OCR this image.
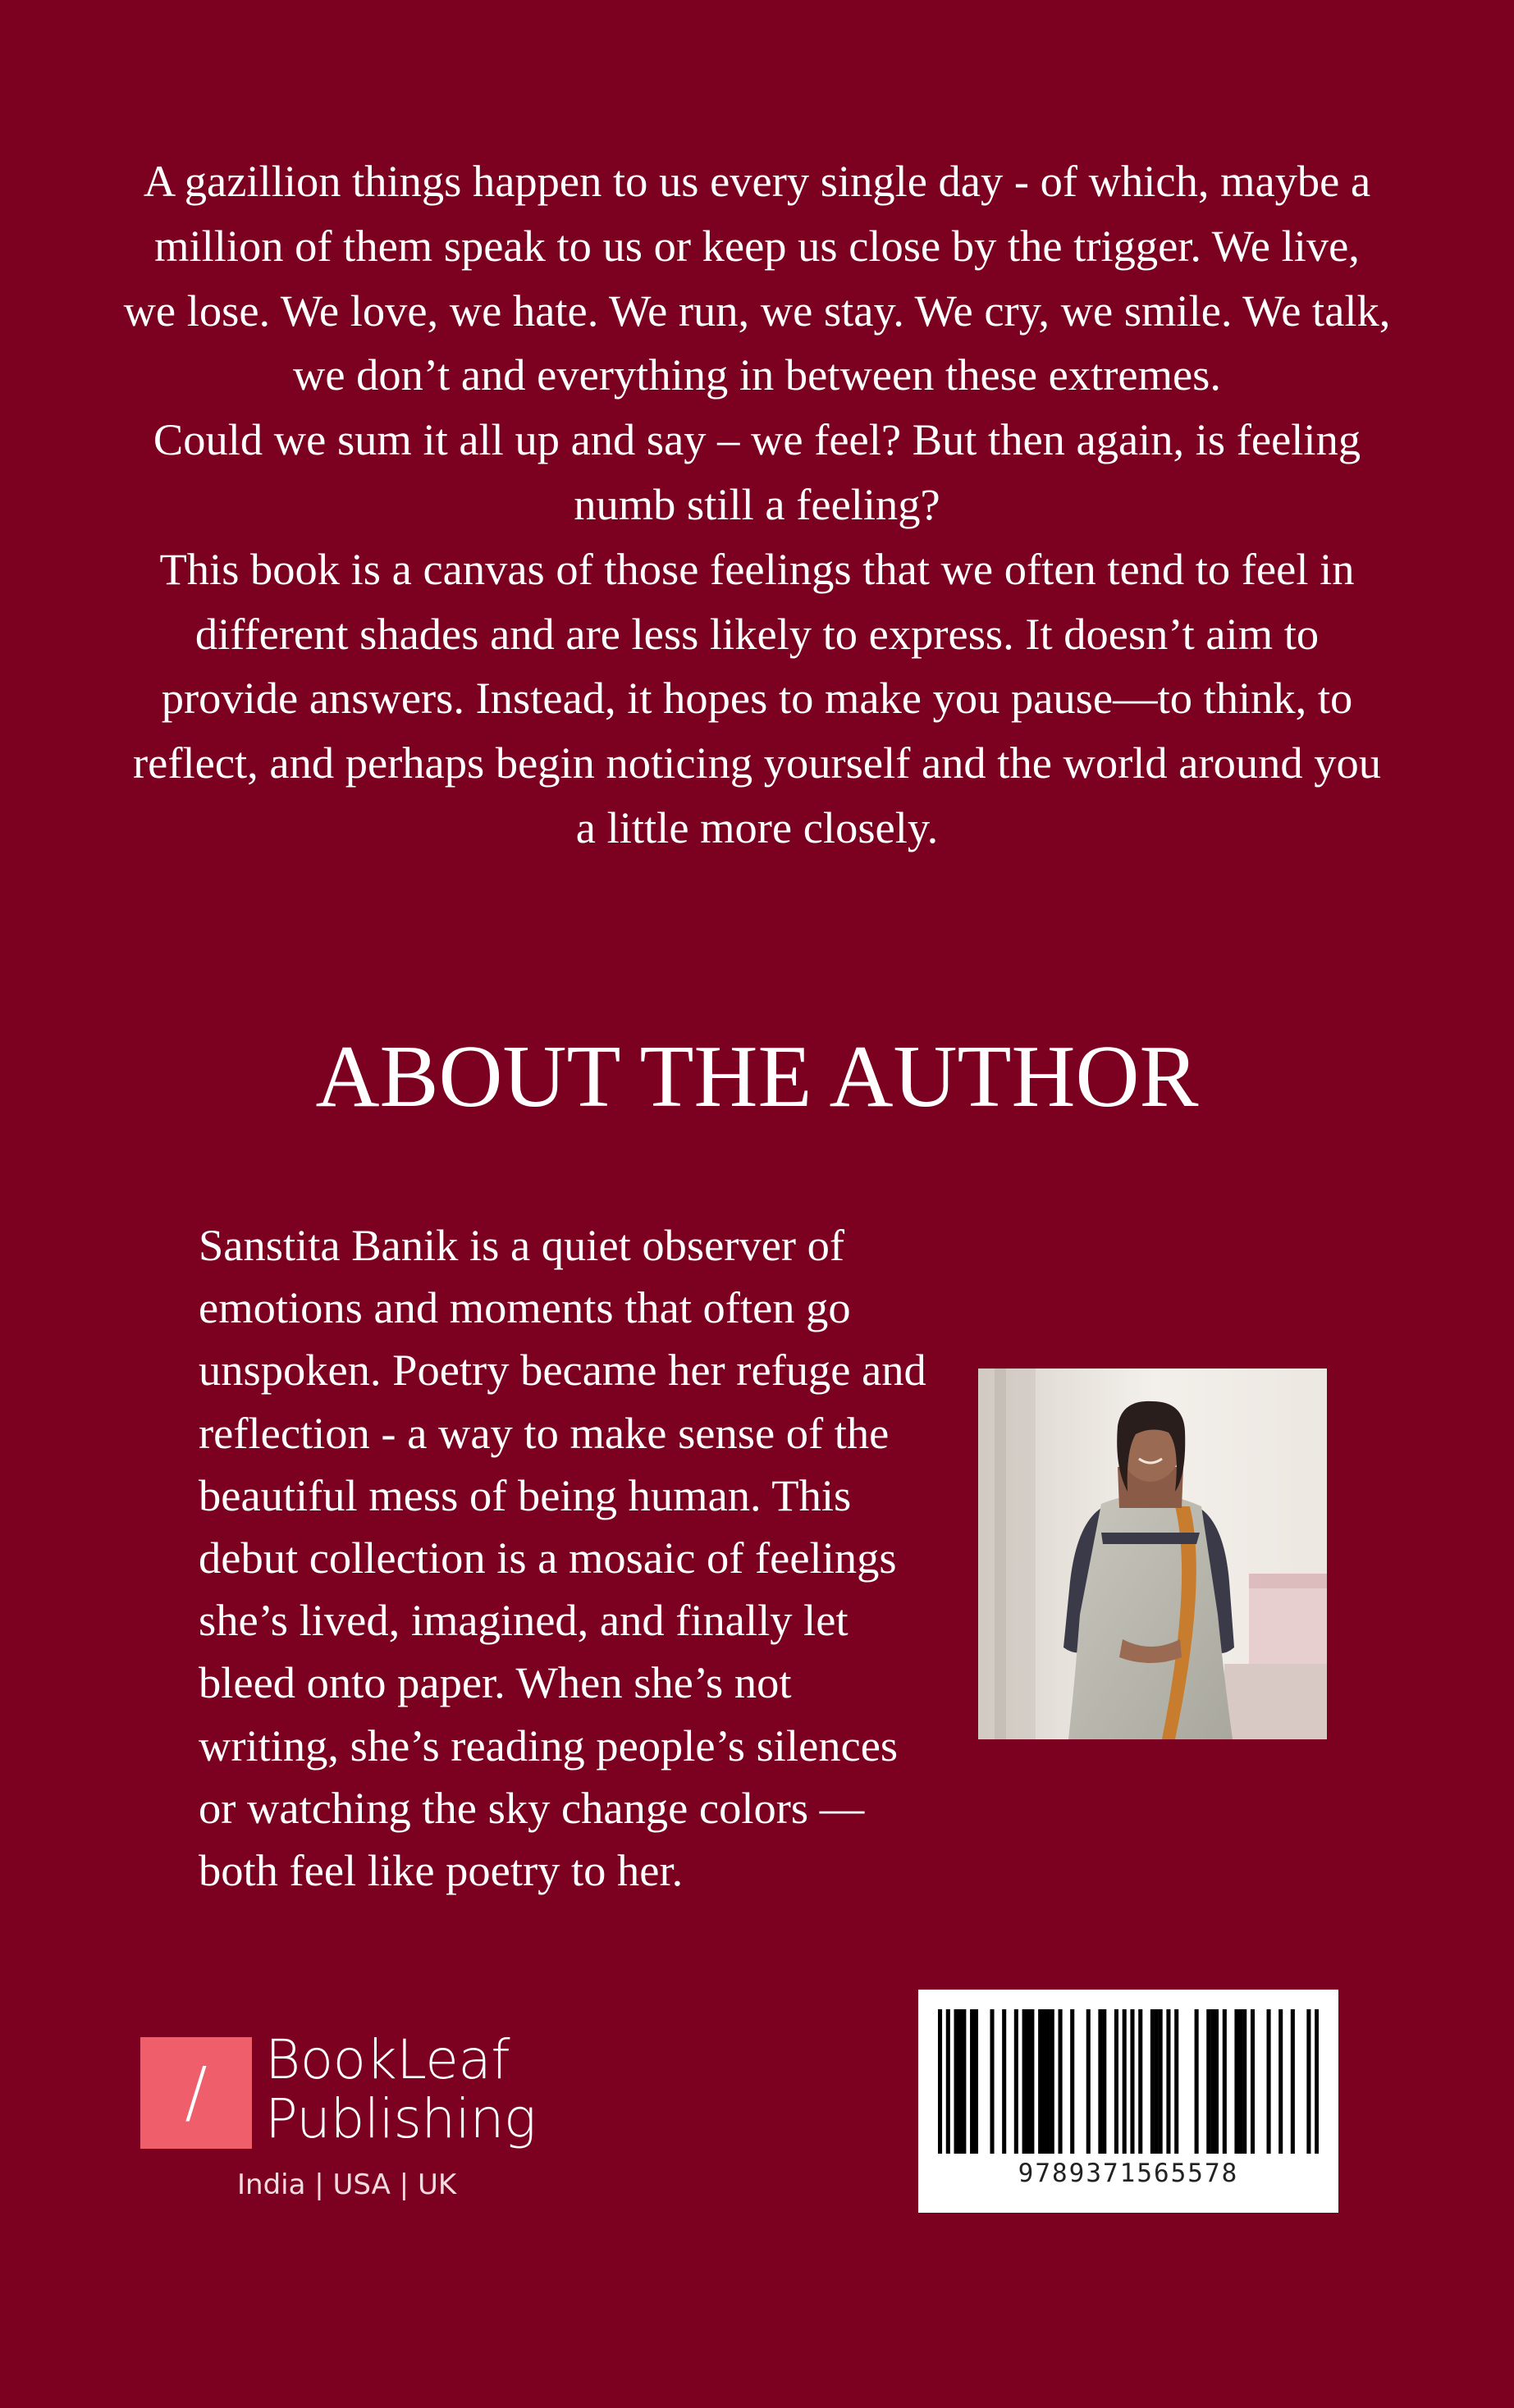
A gazillion things happen to us every single day - of which, maybe a million of them speak to us or keep us close by the trigger. We live, we lose. We love, we hate. We run, we stay. We cry, we smile. We talk, we don’t and everything in between these extremes.

Could we sum it all up and say – we feel? But then again, is feeling numb still a feeling?

This book is a canvas of those feelings that we often tend to feel in different shades and are less likely to express. It doesn’t aim to provide answers. Instead, it hopes to make you pause—to think, to reflect, and perhaps begin noticing yourself and the world around you a little more closely.

ABOUT THE AUTHOR
Sanstita Banik is a quiet observer of
emotions and moments that often go
unspoken. Poetry became her refuge and
reflection - a way to make sense of the
beautiful mess of being human. This
debut collection is a mosaic of feelings
she’s lived, imagined, and finally let
bleed onto paper. When she’s not
writing, she’s reading people’s silences
or watching the sky change colors —
both feel like poetry to her.
/	BookLeaf
Publishing
India | USA | UK	9789371565578
